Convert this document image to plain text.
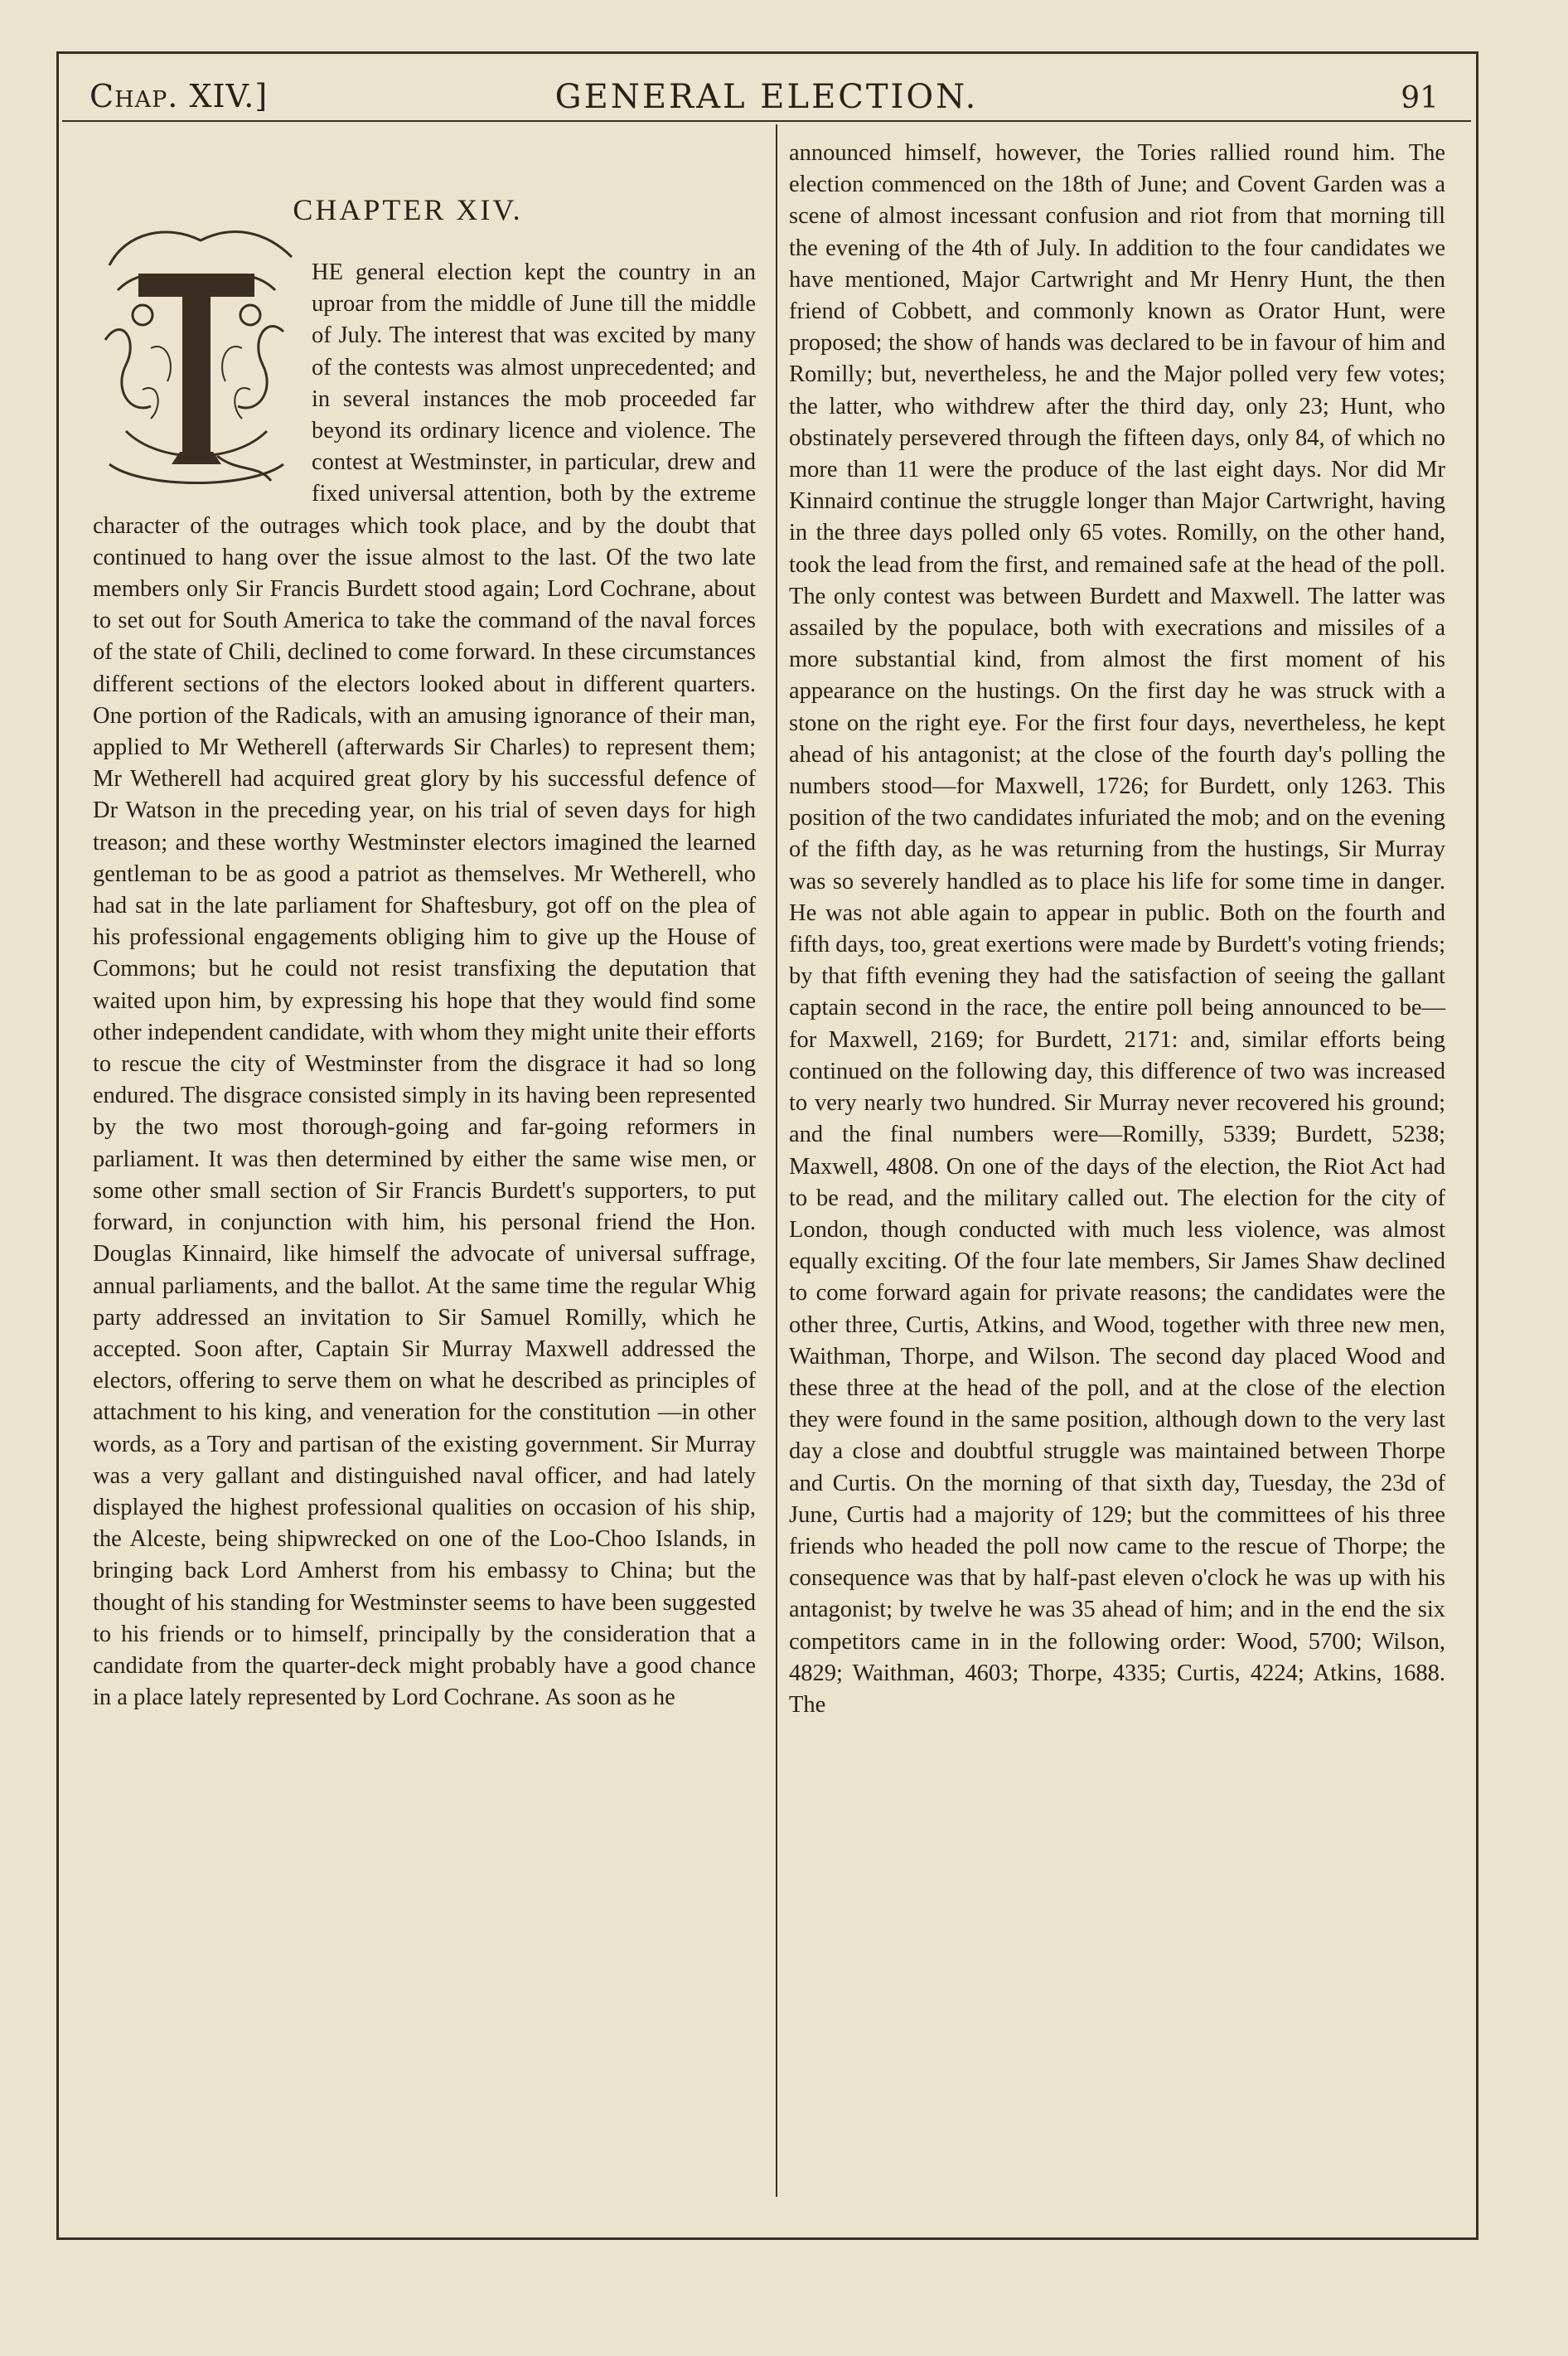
Chap. XIV.]	GENERAL ELECTION.	91
CHAPTER XIV.

HE general election kept the country in an uproar from the middle of June till the middle of July. The interest that was excited by many of the contests was almost unprecedented; and in several instances the mob proceeded far beyond its ordinary licence and violence. The contest at Westminster, in particular, drew and fixed universal attention, both by the extreme character of the outrages which took place, and by the doubt that continued to hang over the issue almost to the last. Of the two late members only Sir Francis Burdett stood again; Lord Cochrane, about to set out for South America to take the command of the naval forces of the state of Chili, declined to come forward. In these circumstances different sections of the electors looked about in different quarters. One portion of the Radicals, with an amusing ignorance of their man, applied to Mr Wetherell (afterwards Sir Charles) to represent them; Mr Wetherell had acquired great glory by his successful defence of Dr Watson in the preceding year, on his trial of seven days for high treason; and these worthy Westminster electors imagined the learned gentleman to be as good a patriot as themselves. Mr Wetherell, who had sat in the late parliament for Shaftesbury, got off on the plea of his professional engagements obliging him to give up the House of Commons; but he could not resist transfixing the deputation that waited upon him, by expressing his hope that they would find some other independent candidate, with whom they might unite their efforts to rescue the city of Westminster from the disgrace it had so long endured. The disgrace consisted simply in its having been represented by the two most thorough-going and far-going reformers in parliament. It was then determined by either the same wise men, or some other small section of Sir Francis Burdett's supporters, to put forward, in conjunction with him, his personal friend the Hon. Douglas Kinnaird, like himself the advocate of universal suffrage, annual parliaments, and the ballot. At the same time the regular Whig party addressed an invitation to Sir Samuel Romilly, which he accepted. Soon after, Captain Sir Murray Maxwell addressed the electors, offering to serve them on what he described as principles of attachment to his king, and veneration for the constitution —in other words, as a Tory and partisan of the existing government. Sir Murray was a very gallant and distinguished naval officer, and had lately displayed the highest professional qualities on occasion of his ship, the Alceste, being shipwrecked on one of the Loo-Choo Islands, in bringing back Lord Amherst from his embassy to China; but the thought of his standing for Westminster seems to have been suggested to his friends or to himself, principally by the consideration that a candidate from the quarter-deck might probably have a good chance in a place lately represented by Lord Cochrane. As soon as he

announced himself, however, the Tories rallied round him. The election commenced on the 18th of June; and Covent Garden was a scene of almost incessant confusion and riot from that morning till the evening of the 4th of July. In addition to the four candidates we have mentioned, Major Cartwright and Mr Henry Hunt, the then friend of Cobbett, and commonly known as Orator Hunt, were proposed; the show of hands was declared to be in favour of him and Romilly; but, nevertheless, he and the Major polled very few votes; the latter, who withdrew after the third day, only 23; Hunt, who obstinately persevered through the fifteen days, only 84, of which no more than 11 were the produce of the last eight days. Nor did Mr Kinnaird continue the struggle longer than Major Cartwright, having in the three days polled only 65 votes. Romilly, on the other hand, took the lead from the first, and remained safe at the head of the poll. The only contest was between Burdett and Maxwell. The latter was assailed by the populace, both with execrations and missiles of a more substantial kind, from almost the first moment of his appearance on the hustings. On the first day he was struck with a stone on the right eye. For the first four days, nevertheless, he kept ahead of his antagonist; at the close of the fourth day's polling the numbers stood—for Maxwell, 1726; for Burdett, only 1263. This position of the two candidates infuriated the mob; and on the evening of the fifth day, as he was returning from the hustings, Sir Murray was so severely handled as to place his life for some time in danger. He was not able again to appear in public. Both on the fourth and fifth days, too, great exertions were made by Burdett's voting friends; by that fifth evening they had the satisfaction of seeing the gallant captain second in the race, the entire poll being announced to be—for Maxwell, 2169; for Burdett, 2171: and, similar efforts being continued on the following day, this difference of two was increased to very nearly two hundred. Sir Murray never recovered his ground; and the final numbers were—Romilly, 5339; Burdett, 5238; Maxwell, 4808. On one of the days of the election, the Riot Act had to be read, and the military called out. The election for the city of London, though conducted with much less violence, was almost equally exciting. Of the four late members, Sir James Shaw declined to come forward again for private reasons; the candidates were the other three, Curtis, Atkins, and Wood, together with three new men, Waithman, Thorpe, and Wilson. The second day placed Wood and these three at the head of the poll, and at the close of the election they were found in the same position, although down to the very last day a close and doubtful struggle was maintained between Thorpe and Curtis. On the morning of that sixth day, Tuesday, the 23d of June, Curtis had a majority of 129; but the committees of his three friends who headed the poll now came to the rescue of Thorpe; the consequence was that by half-past eleven o'clock he was up with his antagonist; by twelve he was 35 ahead of him; and in the end the six competitors came in in the following order: Wood, 5700; Wilson, 4829; Waithman, 4603; Thorpe, 4335; Curtis, 4224; Atkins, 1688. The
